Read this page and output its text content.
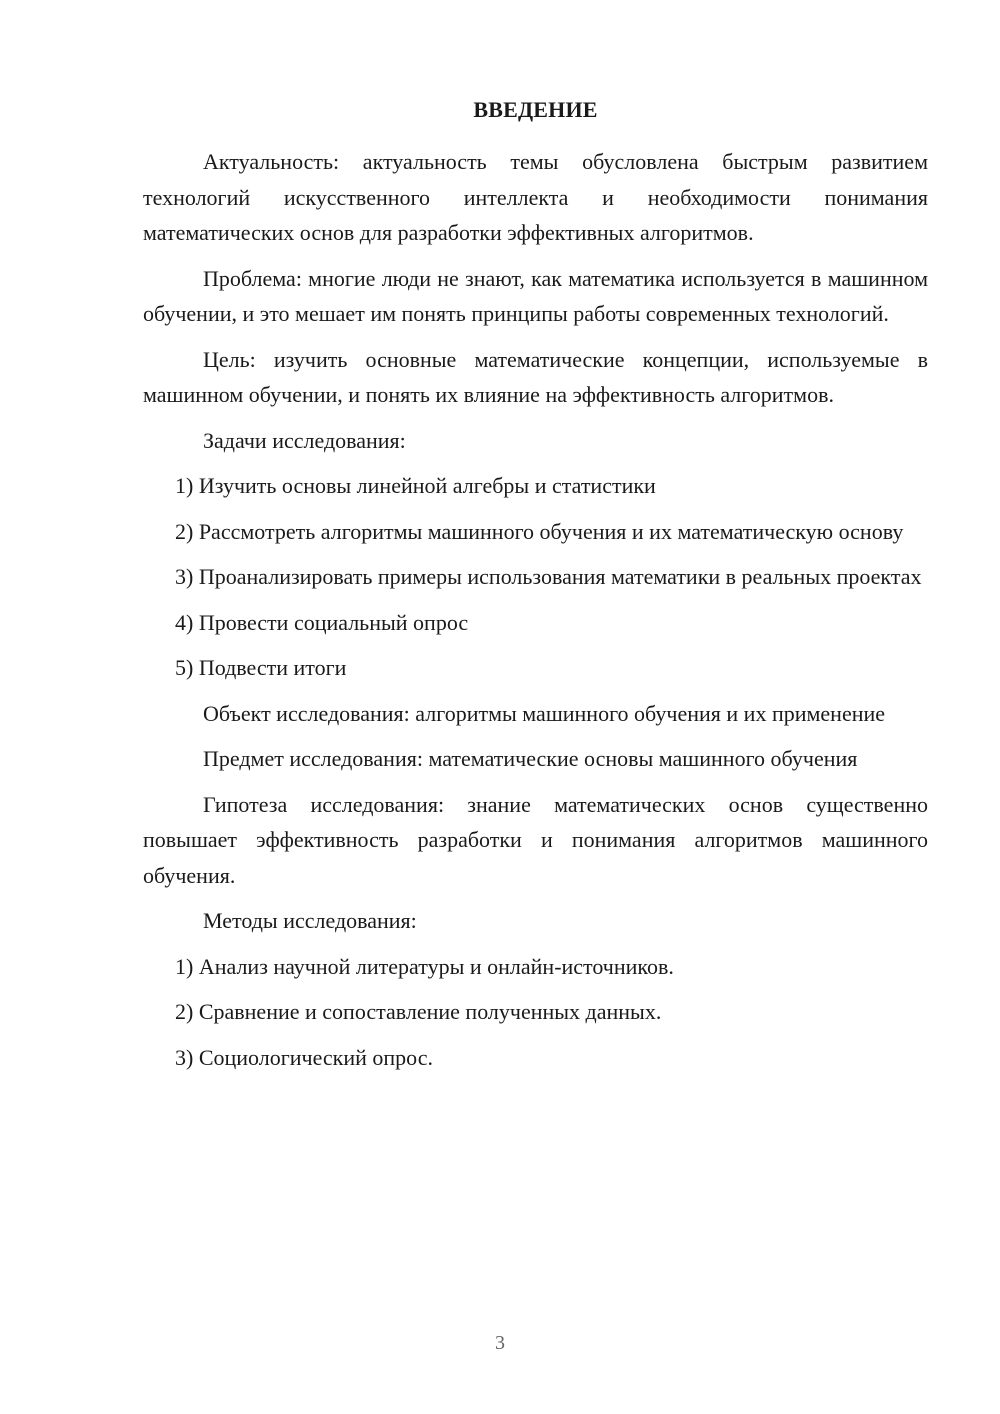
ВВЕДЕНИЕ

Актуальность: актуальность темы обусловлена быстрым развитием технологий искусственного интеллекта и необходимости понимания математических основ для разработки эффективных алгоритмов.

Проблема: многие люди не знают, как математика используется в машинном обучении, и это мешает им понять принципы работы современных технологий.

Цель: изучить основные математические концепции, используемые в машинном обучении, и понять их влияние на эффективность алгоритмов.

Задачи исследования:

1) Изучить основы линейной алгебры и статистики

2) Рассмотреть алгоритмы машинного обучения и их математическую основу

3) Проанализировать примеры использования математики в реальных проектах

4) Провести социальный опрос

5) Подвести итоги

Объект исследования: алгоритмы машинного обучения и их применение

Предмет исследования: математические основы машинного обучения

Гипотеза исследования: знание математических основ существенно повышает эффективность разработки и понимания алгоритмов машинного обучения.

Методы исследования:

1) Анализ научной литературы и онлайн-источников.

2) Сравнение и сопоставление полученных данных.

3) Социологический опрос.

3
